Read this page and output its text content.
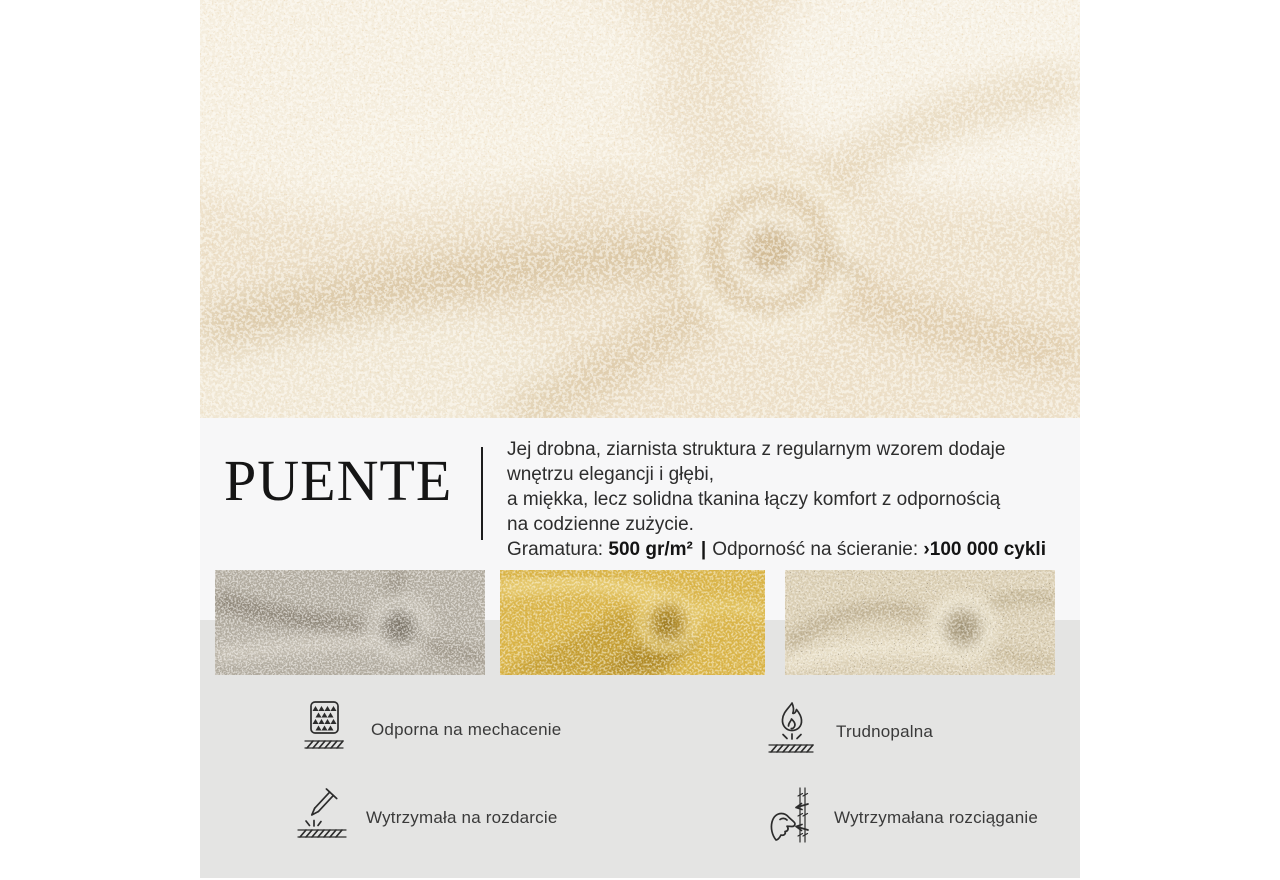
PUENTE	Jej drobna, ziarnista struktura z regularnym wzorem dodaje
wnętrzu elegancji i głębi,
a miękka, lecz solidna tkanina łączy komfort z odpornością
na codzienne zużycie.
Gramatura: 500 gr/m² | Odporność na ścieranie: ›100 000 cykli
Odporna na mechacenie	Trudnopalna
Wytrzymała na rozdarcie	Wytrzymałana rozciąganie
